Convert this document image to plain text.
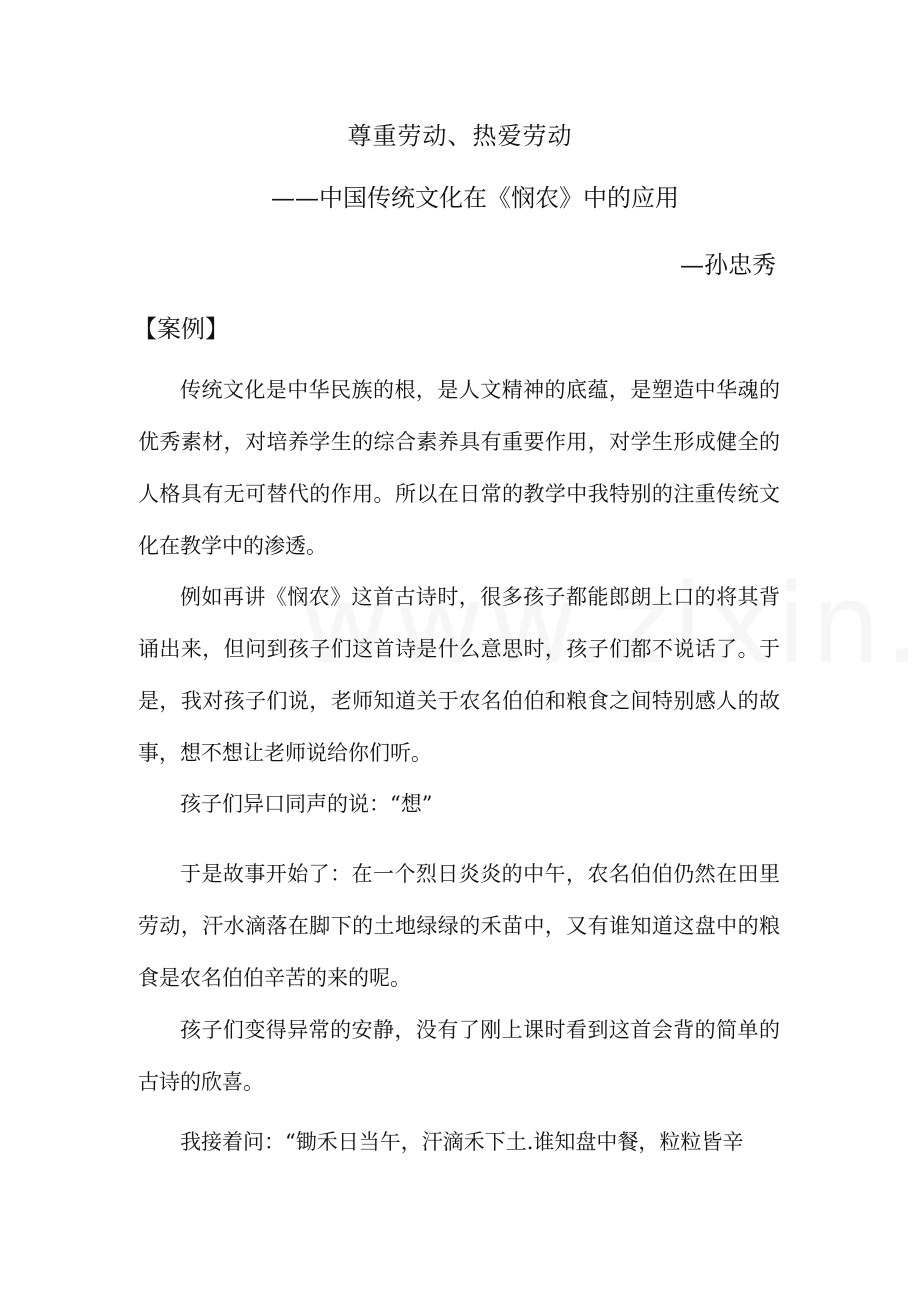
尊重劳动、热爱劳动
——中国传统文化在《悯农》中的应用
—孙忠秀
【案例】

传统文化是中华民族的根，是人文精神的底蕴，是塑造中华魂的优秀素材，对培养学生的综合素养具有重要作用，对学生形成健全的人格具有无可替代的作用。所以在日常的教学中我特别的注重传统文化在教学中的渗透。

例如再讲《悯农》这首古诗时，很多孩子都能郎朗上口的将其背诵出来，但问到孩子们这首诗是什么意思时，孩子们都不说话了。于是，我对孩子们说，老师知道关于农名伯伯和粮食之间特别感人的故事，想不想让老师说给你们听。

孩子们异口同声的说：“想”

于是故事开始了：在一个烈日炎炎的中午，农名伯伯仍然在田里劳动，汗水滴落在脚下的土地绿绿的禾苗中，又有谁知道这盘中的粮食是农名伯伯辛苦的来的呢。

孩子们变得异常的安静，没有了刚上课时看到这首会背的简单的古诗的欣喜。

我接着问：“锄禾日当午，汗滴禾下土.谁知盘中餐，粒粒皆辛
